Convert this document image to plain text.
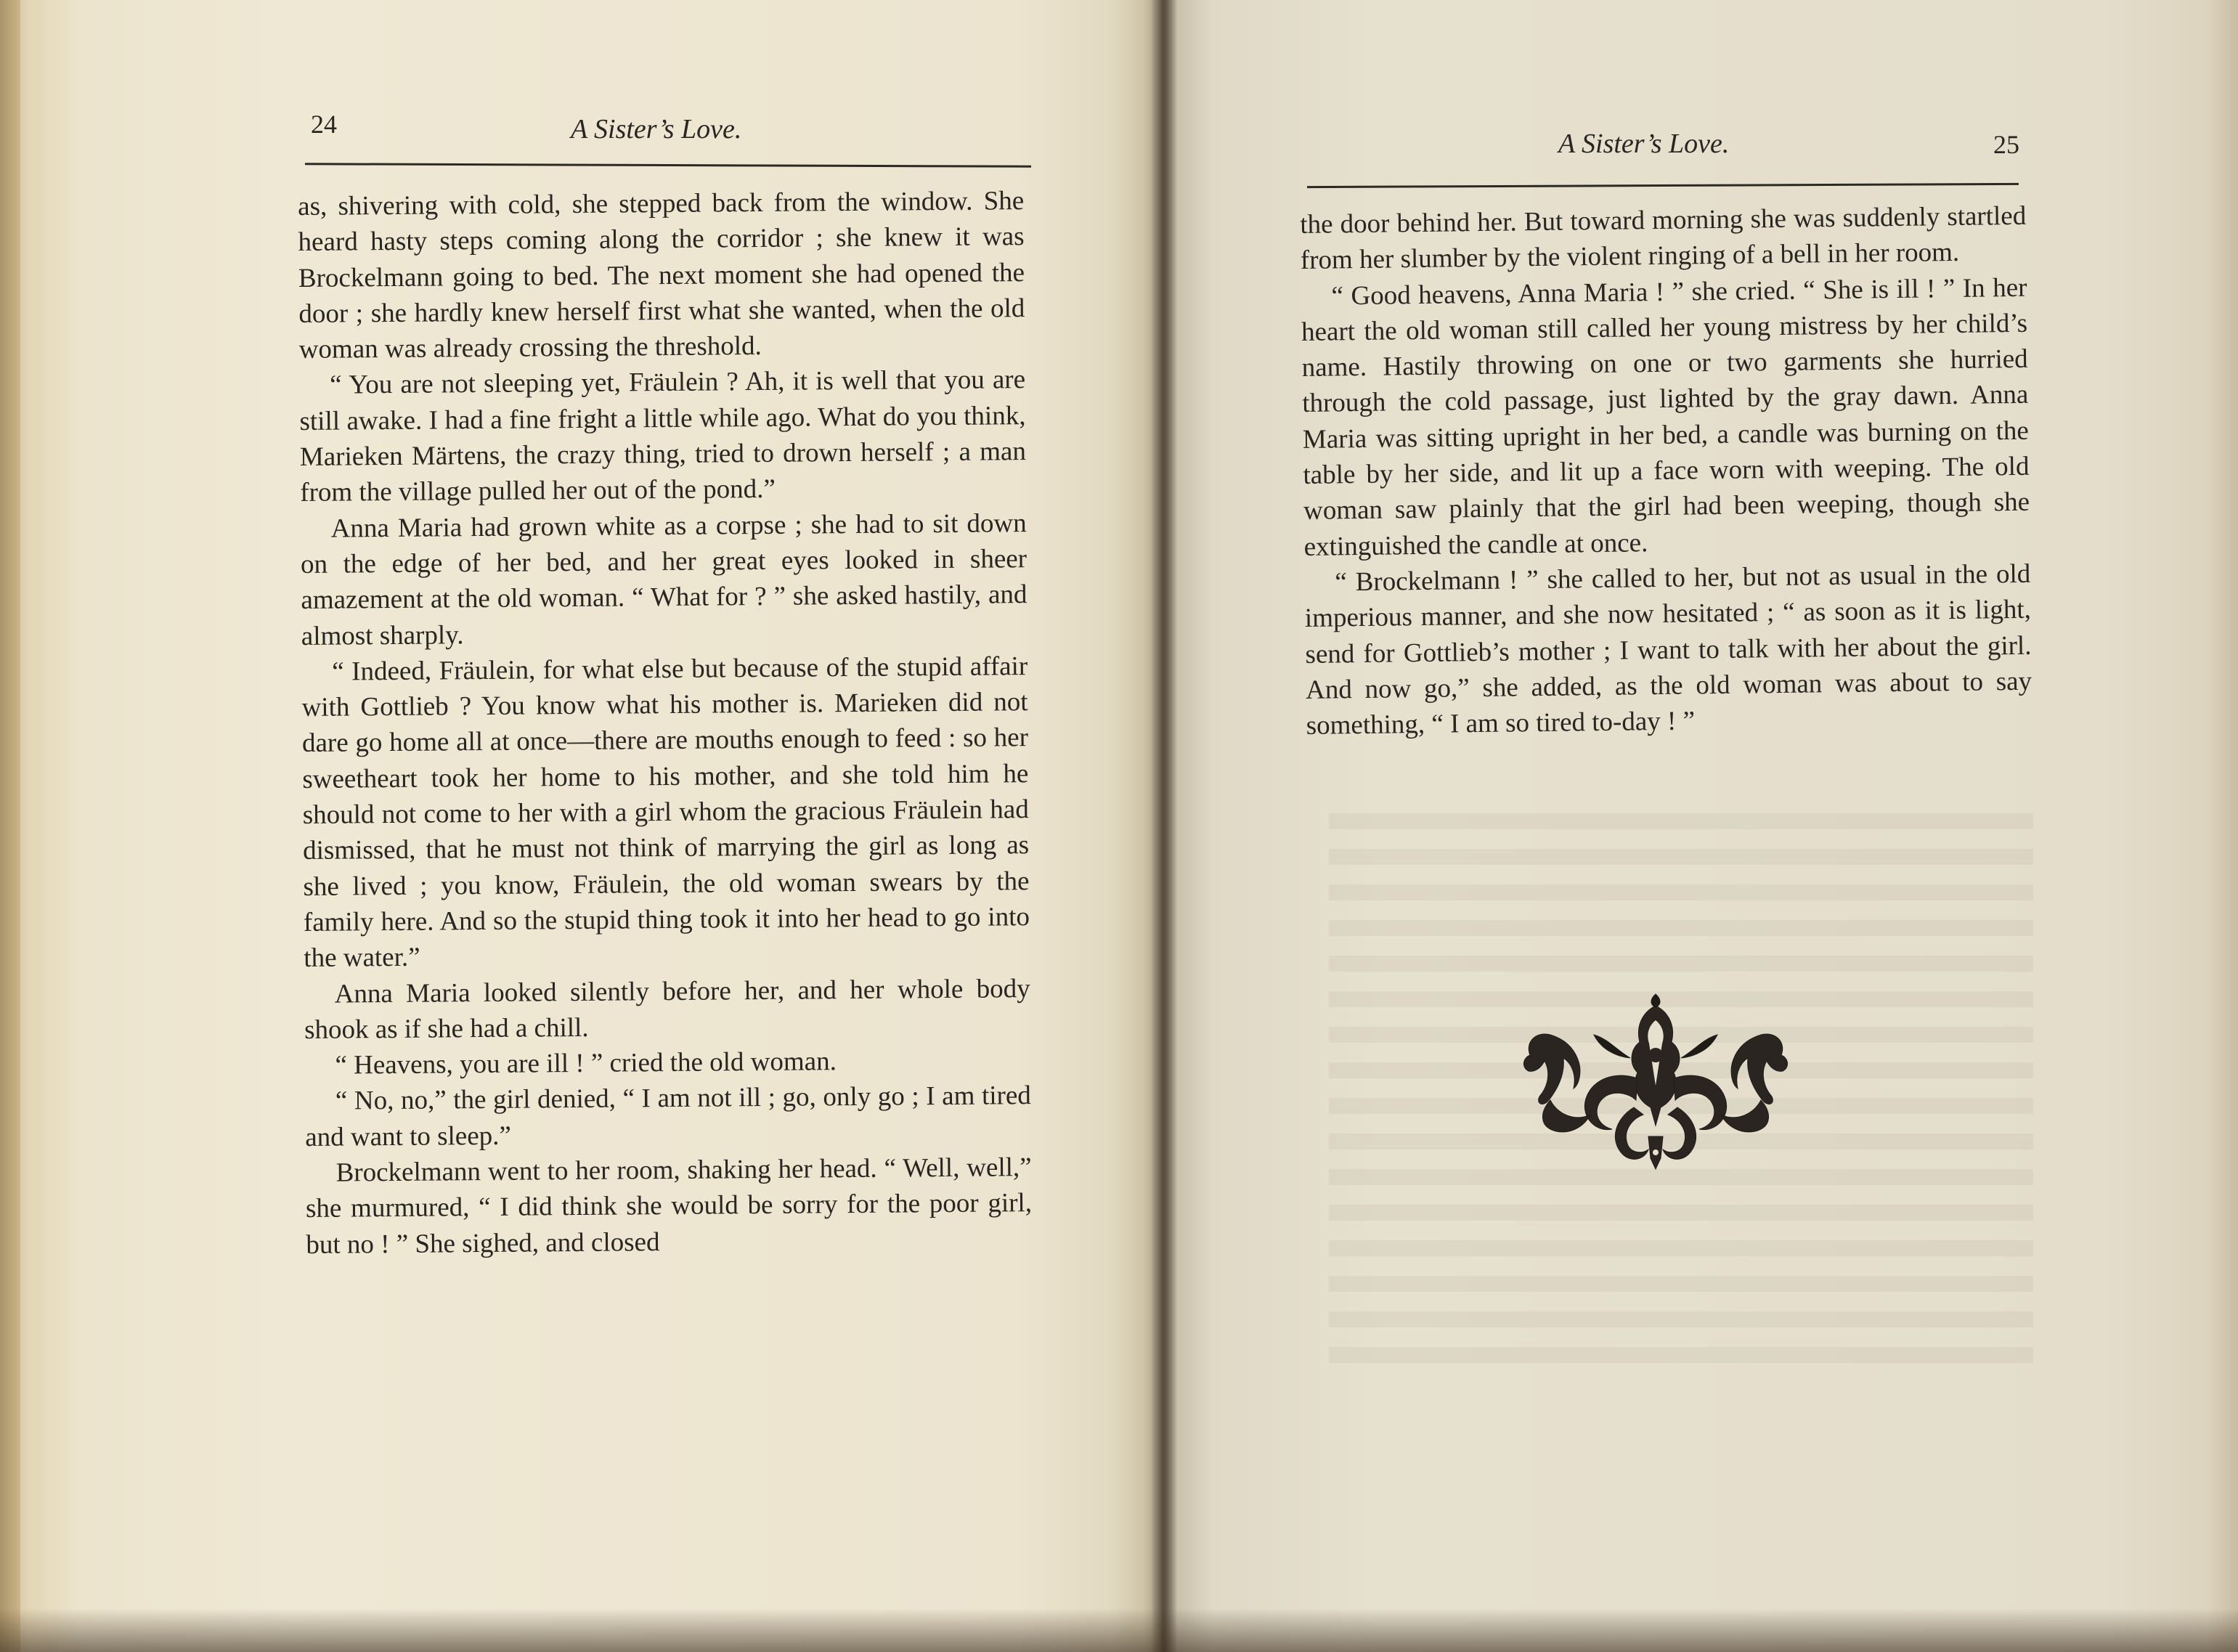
24	A Sister’s Love.

as, shivering with cold, she stepped back from the window. She heard hasty steps coming along the corridor ; she knew it was Brockelmann going to bed. The next moment she had opened the door ; she hardly knew herself first what she wanted, when the old woman was already crossing the threshold.

“ You are not sleeping yet, Fräulein ? Ah, it is well that you are still awake. I had a fine fright a little while ago. What do you think, Marieken Märtens, the crazy thing, tried to drown herself ; a man from the village pulled her out of the pond.”

Anna Maria had grown white as a corpse ; she had to sit down on the edge of her bed, and her great eyes looked in sheer amazement at the old woman. “ What for ? ” she asked hastily, and almost sharply.

“ Indeed, Fräulein, for what else but because of the stupid affair with Gottlieb ? You know what his mother is. Marieken did not dare go home all at once—there are mouths enough to feed : so her sweetheart took her home to his mother, and she told him he should not come to her with a girl whom the gracious Fräulein had dismissed, that he must not think of marrying the girl as long as she lived ; you know, Fräulein, the old woman swears by the family here. And so the stupid thing took it into her head to go into the water.”

Anna Maria looked silently before her, and her whole body shook as if she had a chill.

“ Heavens, you are ill ! ” cried the old woman.

“ No, no,” the girl denied, “ I am not ill ; go, only go ; I am tired and want to sleep.”

Brockelmann went to her room, shaking her head. “ Well, well,” she murmured, “ I did think she would be sorry for the poor girl, but no ! ” She sighed, and closed

A Sister’s Love.	25

the door behind her. But toward morning she was suddenly startled from her slumber by the violent ringing of a bell in her room.

“ Good heavens, Anna Maria ! ” she cried. “ She is ill ! ” In her heart the old woman still called her young mistress by her child’s name. Hastily throwing on one or two garments she hurried through the cold passage, just lighted by the gray dawn. Anna Maria was sitting upright in her bed, a candle was burning on the table by her side, and lit up a face worn with weeping. The old woman saw plainly that the girl had been weeping, though she extinguished the candle at once.

“ Brockelmann ! ” she called to her, but not as usual in the old imperious manner, and she now hesitated ; “ as soon as it is light, send for Gottlieb’s mother ; I want to talk with her about the girl. And now go,” she added, as the old woman was about to say something, “ I am so tired to-day ! ”
